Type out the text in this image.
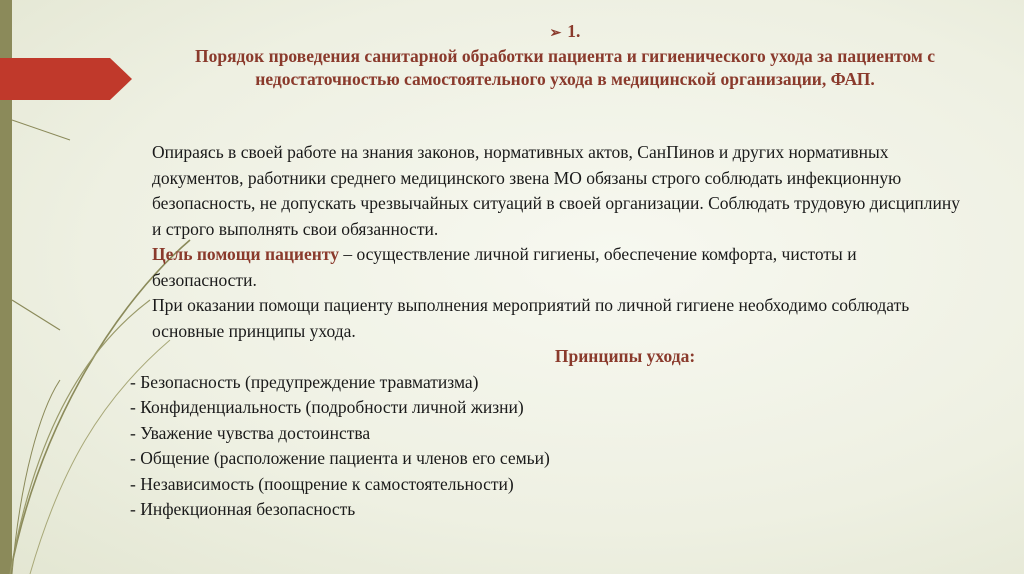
➢ 1.
Порядок проведения санитарной обработки пациента и гигиенического ухода за пациентом с недостаточностью самостоятельного ухода в медицинской организации, ФАП.

Опираясь в своей работе на знания законов, нормативных актов, СанПинов и других нормативных документов, работники среднего медицинского звена МО обязаны строго соблюдать инфекционную безопасность, не допускать чрезвычайных ситуаций в своей организации. Соблюдать трудовую дисциплину и строго выполнять свои обязанности.

Цель помощи пациенту – осуществление личной гигиены, обеспечение комфорта, чистоты и безопасности.

При оказании помощи пациенту выполнения мероприятий по личной гигиене необходимо соблюдать основные принципы ухода.

Принципы ухода:

- Безопасность (предупреждение травматизма)
- Конфиденциальность (подробности личной жизни)
- Уважение чувства достоинства
- Общение (расположение пациента и членов его семьи)
- Независимость (поощрение к самостоятельности)
- Инфекционная безопасность
